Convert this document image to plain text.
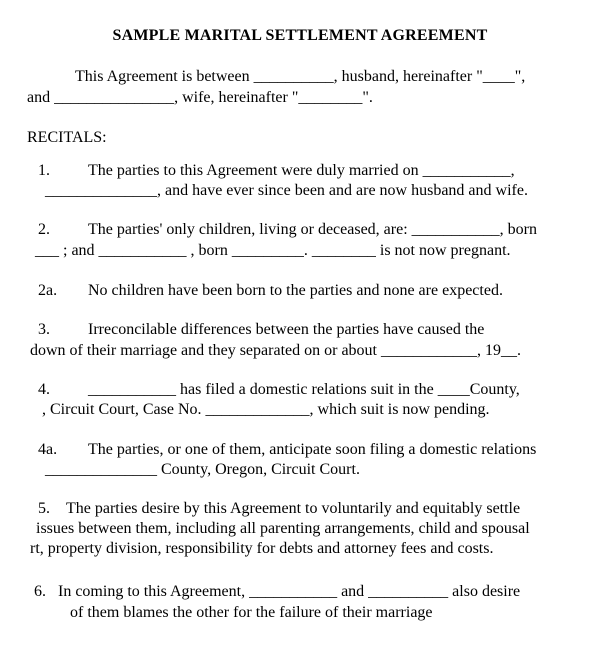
SAMPLE MARITAL SETTLEMENT AGREEMENT
This Agreement is between __________, husband, hereinafter "____",
and _______________, wife, hereinafter "________".
RECITALS:
1. The parties to this Agreement were duly married on ___________,
______________, and have ever since been and are now husband and wife.
2. The parties' only children, living or deceased, are: ___________, born
___ ; and ___________ , born _________. ________ is not now pregnant.
2a. No children have been born to the parties and none are expected.
3. Irreconcilable differences between the parties have caused the
down of their marriage and they separated on or about ____________, 19__.
4. ___________ has filed a domestic relations suit in the ____County,
, Circuit Court, Case No. _____________, which suit is now pending.
4a. The parties, or one of them, anticipate soon filing a domestic relations
______________ County, Oregon, Circuit Court.
5. The parties desire by this Agreement to voluntarily and equitably settle
issues between them, including all parenting arrangements, child and spousal
rt, property division, responsibility for debts and attorney fees and costs.
6. In coming to this Agreement, ___________ and __________ also desire
of them blames the other for the failure of their marriage
